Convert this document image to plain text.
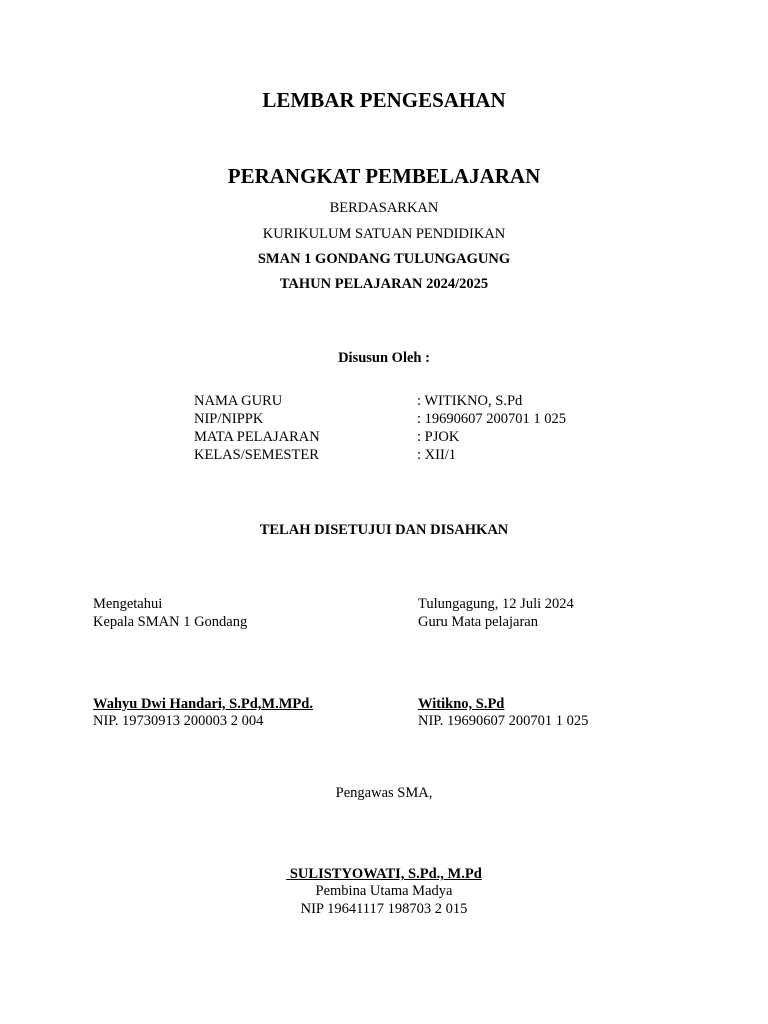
LEMBAR PENGESAHAN
PERANGKAT PEMBELAJARAN
BERDASARKAN
KURIKULUM SATUAN PENDIDIKAN
SMAN 1 GONDANG TULUNGAGUNG
TAHUN PELAJARAN 2024/2025
Disusun Oleh :
NAMA GURU	: WITIKNO, S.Pd
NIP/NIPPK	: 19690607 200701 1 025
MATA PELAJARAN	: PJOK
KELAS/SEMESTER	: XII/1
TELAH DISETUJUI DAN DISAHKAN
Mengetahui
Kepala SMAN 1 Gondang
Wahyu Dwi Handari, S.Pd,M.MPd.
NIP. 19730913 200003 2 004
Tulungagung, 12 Juli 2024
Guru Mata pelajaran
Witikno, S.Pd
NIP. 19690607 200701 1 025
Pengawas SMA,
SULISTYOWATI, S.Pd., M.Pd
Pembina Utama Madya
NIP 19641117 198703 2 015
